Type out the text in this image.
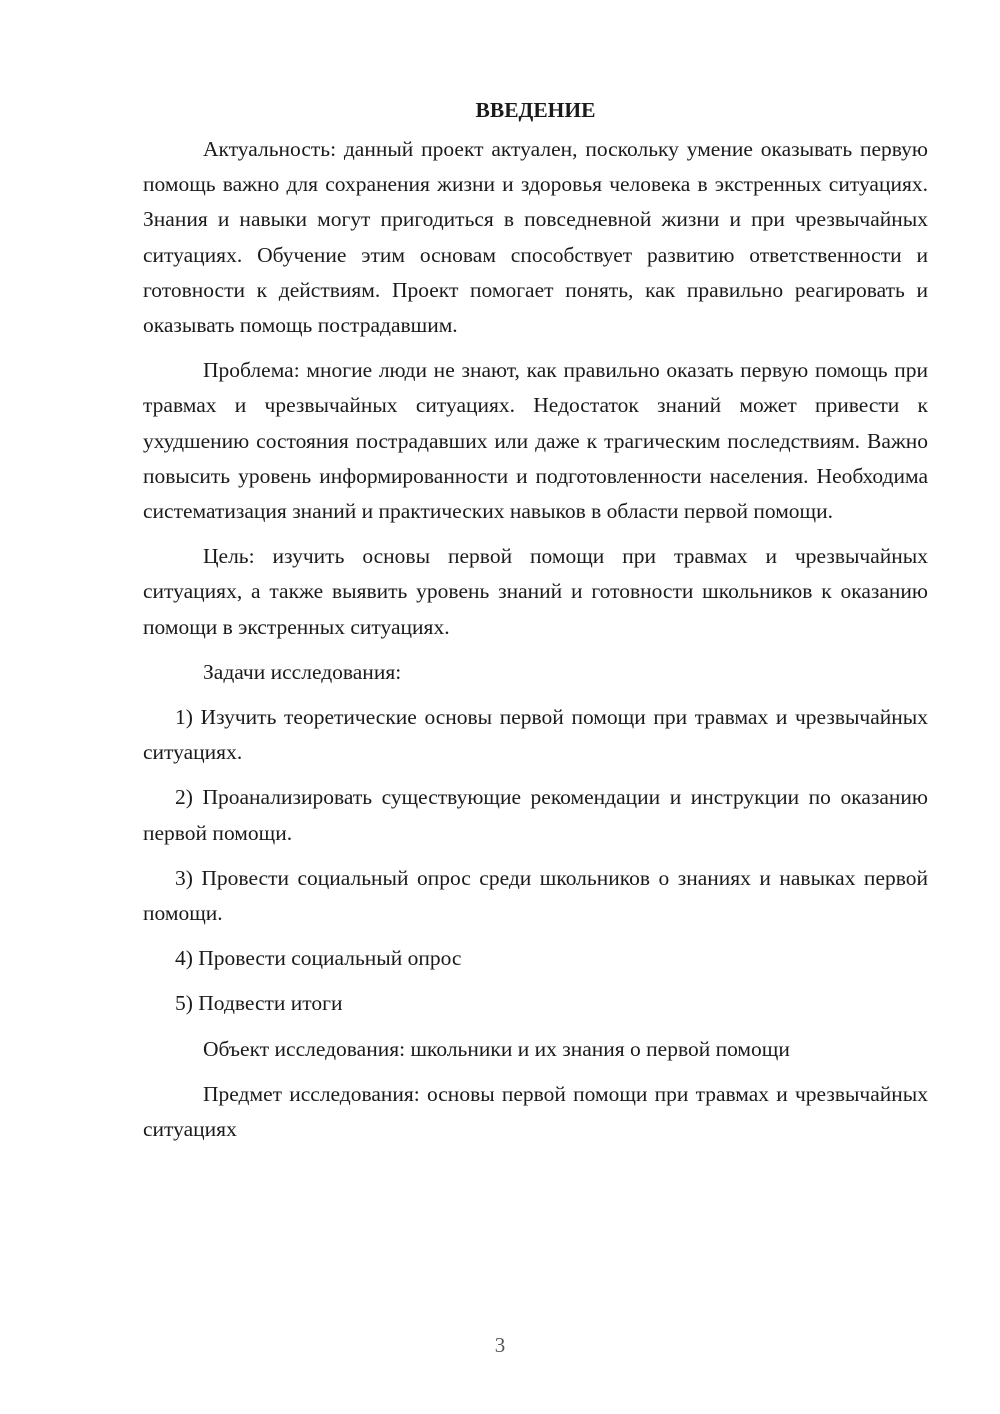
ВВЕДЕНИЕ

Актуальность: данный проект актуален, поскольку умение оказывать первую помощь важно для сохранения жизни и здоровья человека в экстренных ситуациях. Знания и навыки могут пригодиться в повседневной жизни и при чрезвычайных ситуациях. Обучение этим основам способствует развитию ответственности и готовности к действиям. Проект помогает понять, как правильно реагировать и оказывать помощь пострадавшим.

Проблема: многие люди не знают, как правильно оказать первую помощь при травмах и чрезвычайных ситуациях. Недостаток знаний может привести к ухудшению состояния пострадавших или даже к трагическим последствиям. Важно повысить уровень информированности и подготовленности населения. Необходима систематизация знаний и практических навыков в области первой помощи.

Цель: изучить основы первой помощи при травмах и чрезвычайных ситуациях, а также выявить уровень знаний и готовности школьников к оказанию помощи в экстренных ситуациях.

Задачи исследования:

1) Изучить теоретические основы первой помощи при травмах и чрезвычайных ситуациях.

2) Проанализировать существующие рекомендации и инструкции по оказанию первой помощи.

3) Провести социальный опрос среди школьников о знаниях и навыках первой помощи.

4) Провести социальный опрос

5) Подвести итоги

Объект исследования: школьники и их знания о первой помощи

Предмет исследования: основы первой помощи при травмах и чрезвычайных ситуациях

3
